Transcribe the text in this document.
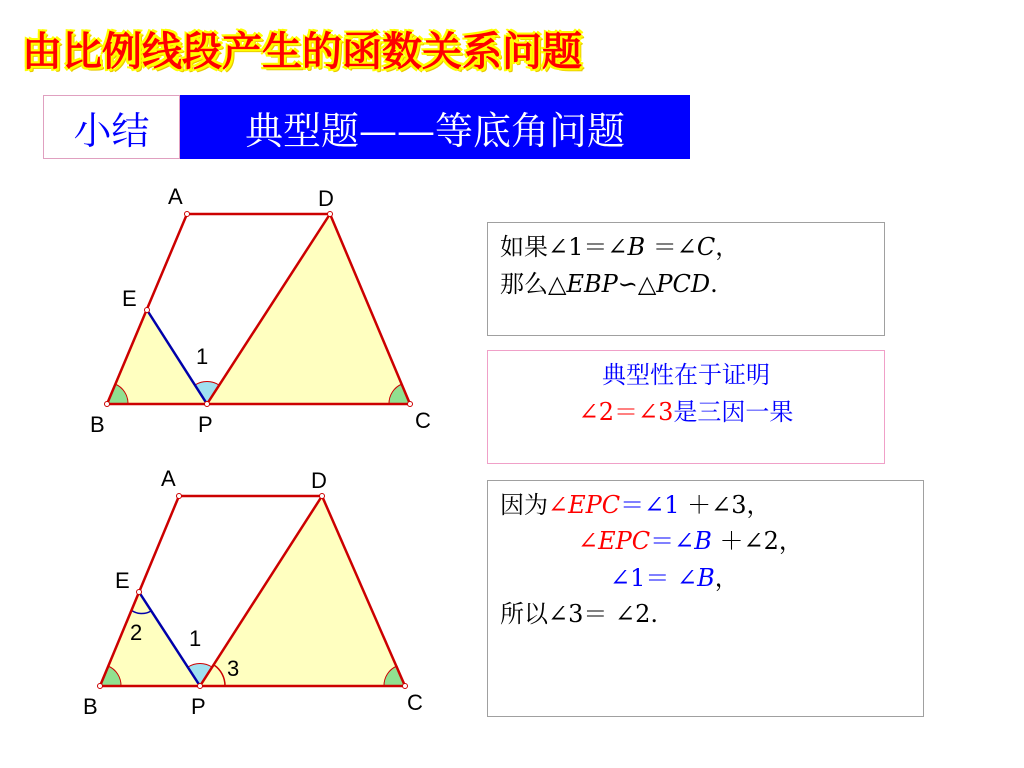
由比例线段产生的函数关系问题
小结	典型题——等底角问题
A	D
E
1
B	P	C
A	D
E
1
2
3
B	P	C
如果∠1＝∠B ＝∠C，
那么△EBP∽△PCD.
典型性在于证明
∠2＝∠3是三因一果
因为∠EPC＝∠1 ＋∠3，
∠EPC＝∠B ＋∠2，
∠1＝ ∠B，
所以∠3＝ ∠2.
